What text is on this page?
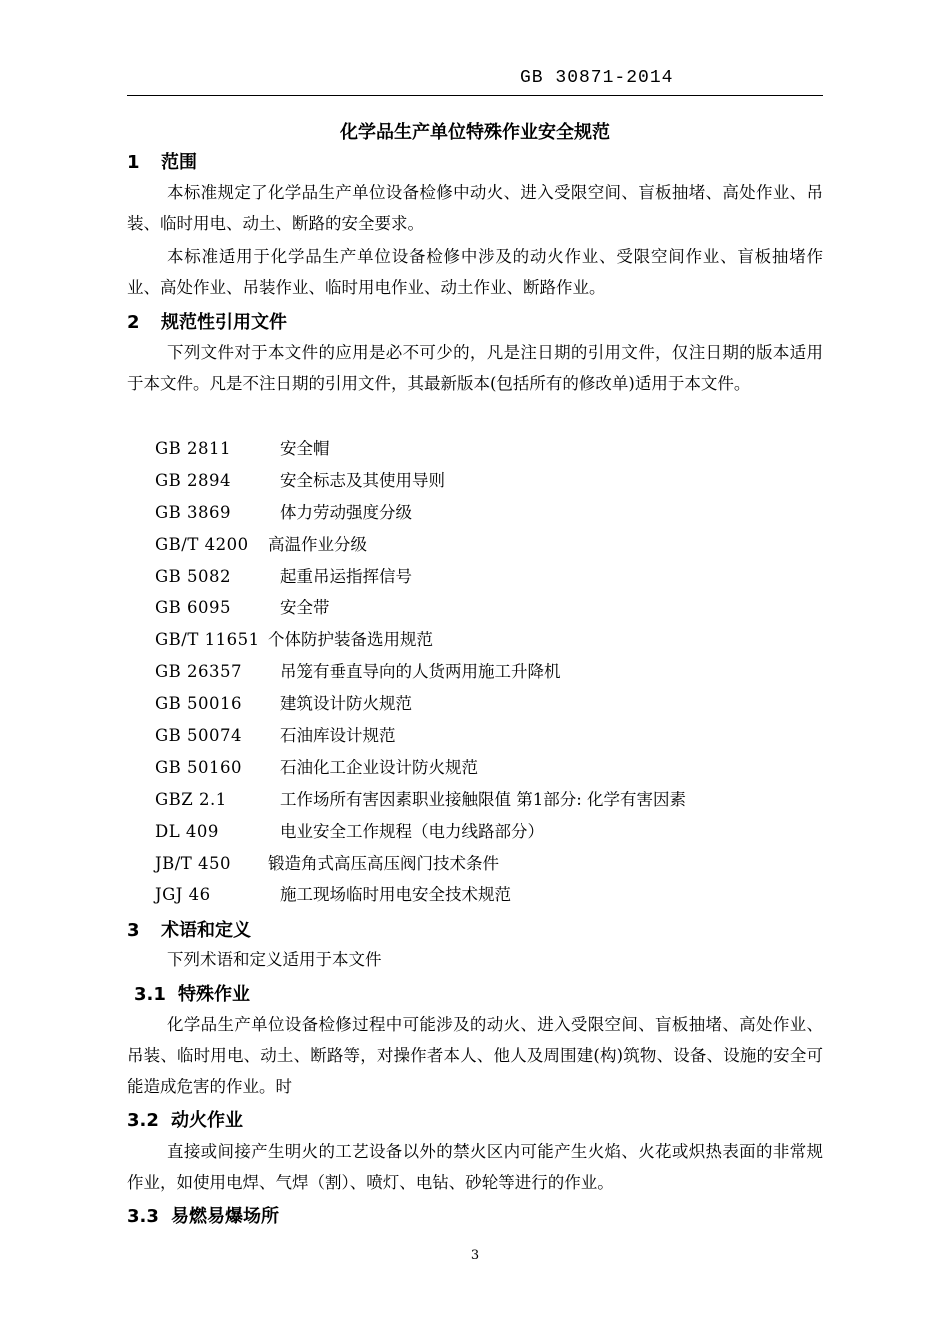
GB 30871-2014
化学品生产单位特殊作业安全规范
1 范围
本标准规定了化学品生产单位设备检修中动火、进入受限空间、盲板抽堵、高处作业、吊装、临时用电、动土、断路的安全要求。
本标准适用于化学品生产单位设备检修中涉及的动火作业、受限空间作业、盲板抽堵作业、高处作业、吊装作业、临时用电作业、动土作业、断路作业。
2 规范性引用文件
下列文件对于本文件的应用是必不可少的，凡是注日期的引用文件，仅注日期的版本适用于本文件。凡是不注日期的引用文件，其最新版本(包括所有的修改单)适用于本文件。
GB 2811	安全帽
GB 2894	安全标志及其使用导则
GB 3869	体力劳动强度分级
GB/T 4200 高温作业分级
GB 5082	起重吊运指挥信号
GB 6095	安全带
GB/T 11651 个体防护装备选用规范
GB 26357 吊笼有垂直导向的人货两用施工升降机
GB 50016 建筑设计防火规范
GB 50074 石油库设计规范
GB 50160 石油化工企业设计防火规范
GBZ 2.1	工作场所有害因素职业接触限值 第1部分: 化学有害因素
DL 409	电业安全工作规程（电力线路部分）
JB/T 450 锻造角式高压高压阀门技术条件
JGJ 46	施工现场临时用电安全技术规范
3 术语和定义
下列术语和定义适用于本文件
3.1 特殊作业
化学品生产单位设备检修过程中可能涉及的动火、进入受限空间、盲板抽堵、高处作业、吊装、临时用电、动土、断路等，对操作者本人、他人及周围建(构)筑物、设备、设施的安全可能造成危害的作业。时
3.2 动火作业
直接或间接产生明火的工艺设备以外的禁火区内可能产生火焰、火花或炽热表面的非常规作业，如使用电焊、气焊（割）、喷灯、电钻、砂轮等进行的作业。
3.3 易燃易爆场所
3
